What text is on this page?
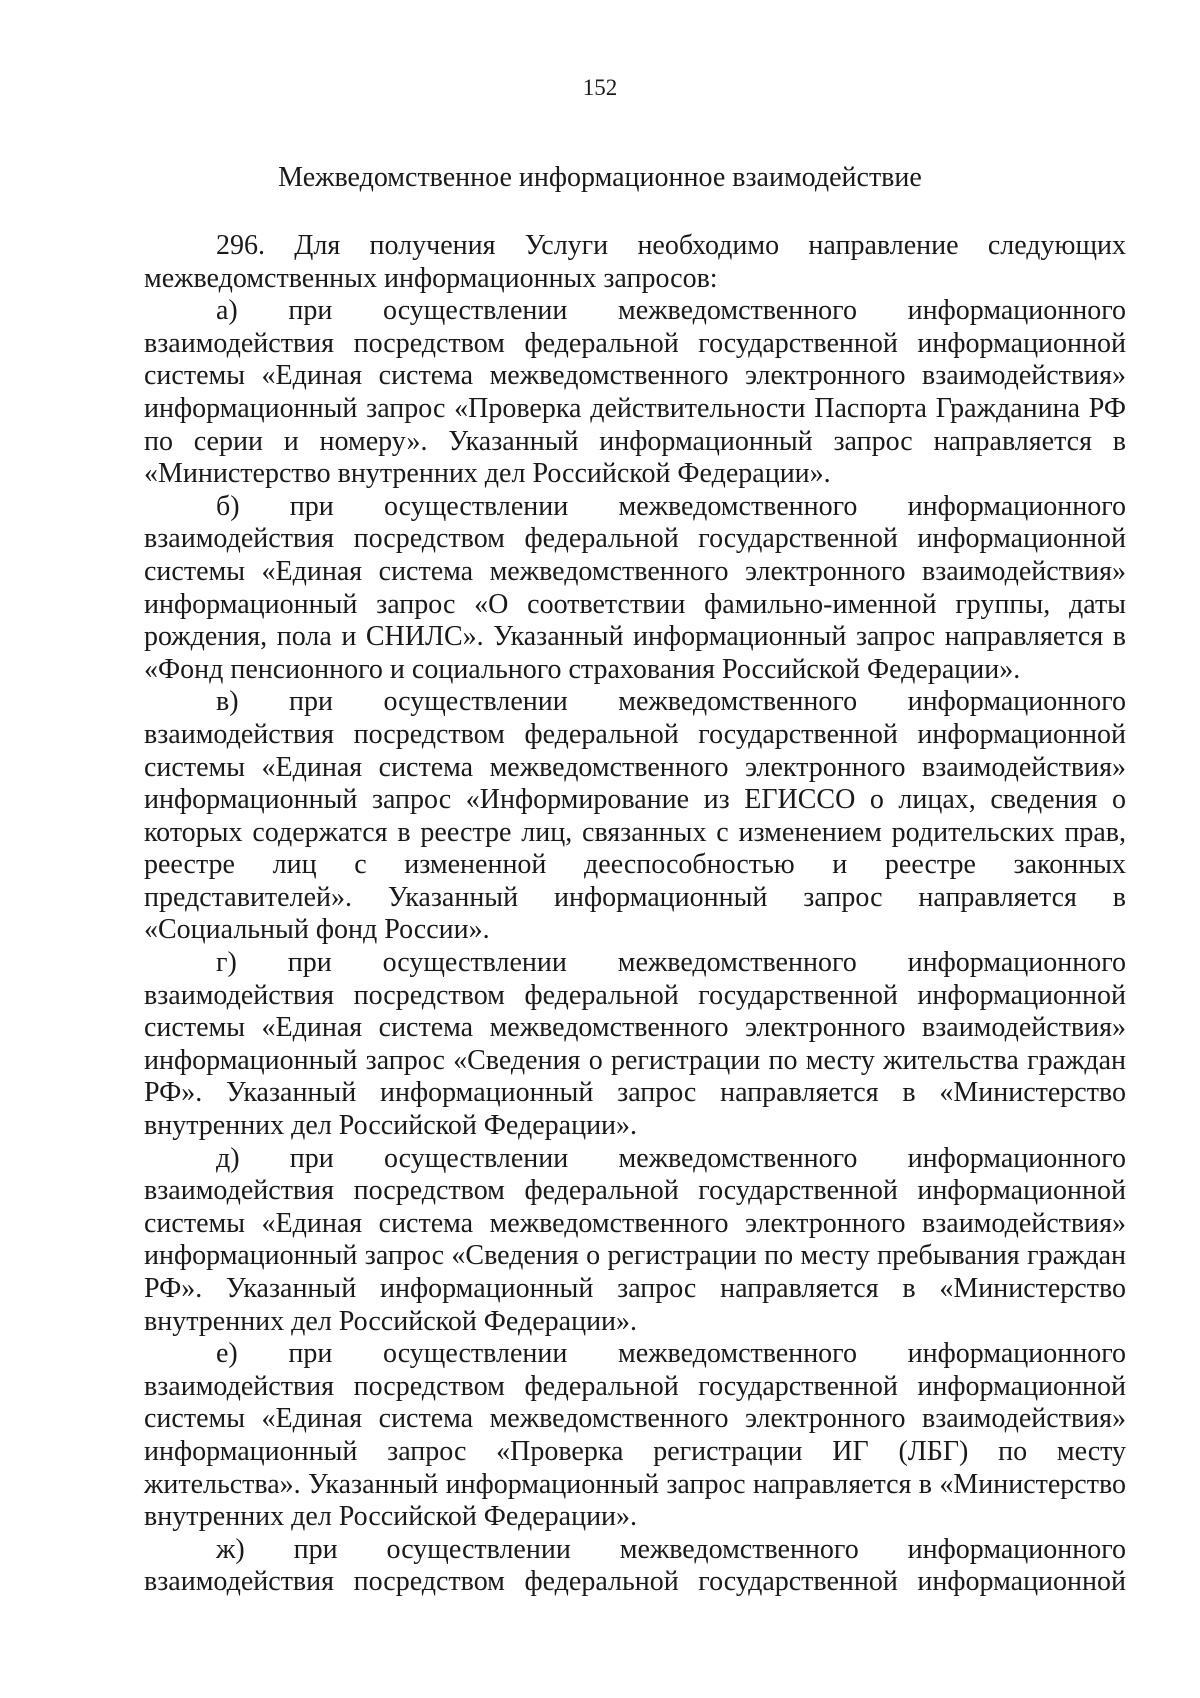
152
Межведомственное информационное взаимодействие

296. Для получения Услуги необходимо направление следующих межведомственных информационных запросов:

а) при осуществлении межведомственного информационного взаимодействия посредством федеральной государственной информационной системы «Единая система межведомственного электронного взаимодействия» информационный запрос «Проверка действительности Паспорта Гражданина РФ по серии и номеру». Указанный информационный запрос направляется в «Министерство внутренних дел Российской Федерации».

б) при осуществлении межведомственного информационного взаимодействия посредством федеральной государственной информационной системы «Единая система межведомственного электронного взаимодействия» информационный запрос «О соответствии фамильно-именной группы, даты рождения, пола и СНИЛС». Указанный информационный запрос направляется в «Фонд пенсионного и социального страхования Российской Федерации».

в) при осуществлении межведомственного информационного взаимодействия посредством федеральной государственной информационной системы «Единая система межведомственного электронного взаимодействия» информационный запрос «Информирование из ЕГИССО о лицах, сведения о которых содержатся в реестре лиц, связанных с изменением родительских прав, реестре лиц с измененной дееспособностью и реестре законных представителей». Указанный информационный запрос направляется в «Социальный фонд России».

г) при осуществлении межведомственного информационного взаимодействия посредством федеральной государственной информационной системы «Единая система межведомственного электронного взаимодействия» информационный запрос «Сведения о регистрации по месту жительства граждан РФ». Указанный информационный запрос направляется в «Министерство внутренних дел Российской Федерации».

д) при осуществлении межведомственного информационного взаимодействия посредством федеральной государственной информационной системы «Единая система межведомственного электронного взаимодействия» информационный запрос «Сведения о регистрации по месту пребывания граждан РФ». Указанный информационный запрос направляется в «Министерство внутренних дел Российской Федерации».

е) при осуществлении межведомственного информационного взаимодействия посредством федеральной государственной информационной системы «Единая система межведомственного электронного взаимодействия» информационный запрос «Проверка регистрации ИГ (ЛБГ) по месту жительства». Указанный информационный запрос направляется в «Министерство внутренних дел Российской Федерации».

ж) при осуществлении межведомственного информационного взаимодействия посредством федеральной государственной информационной
